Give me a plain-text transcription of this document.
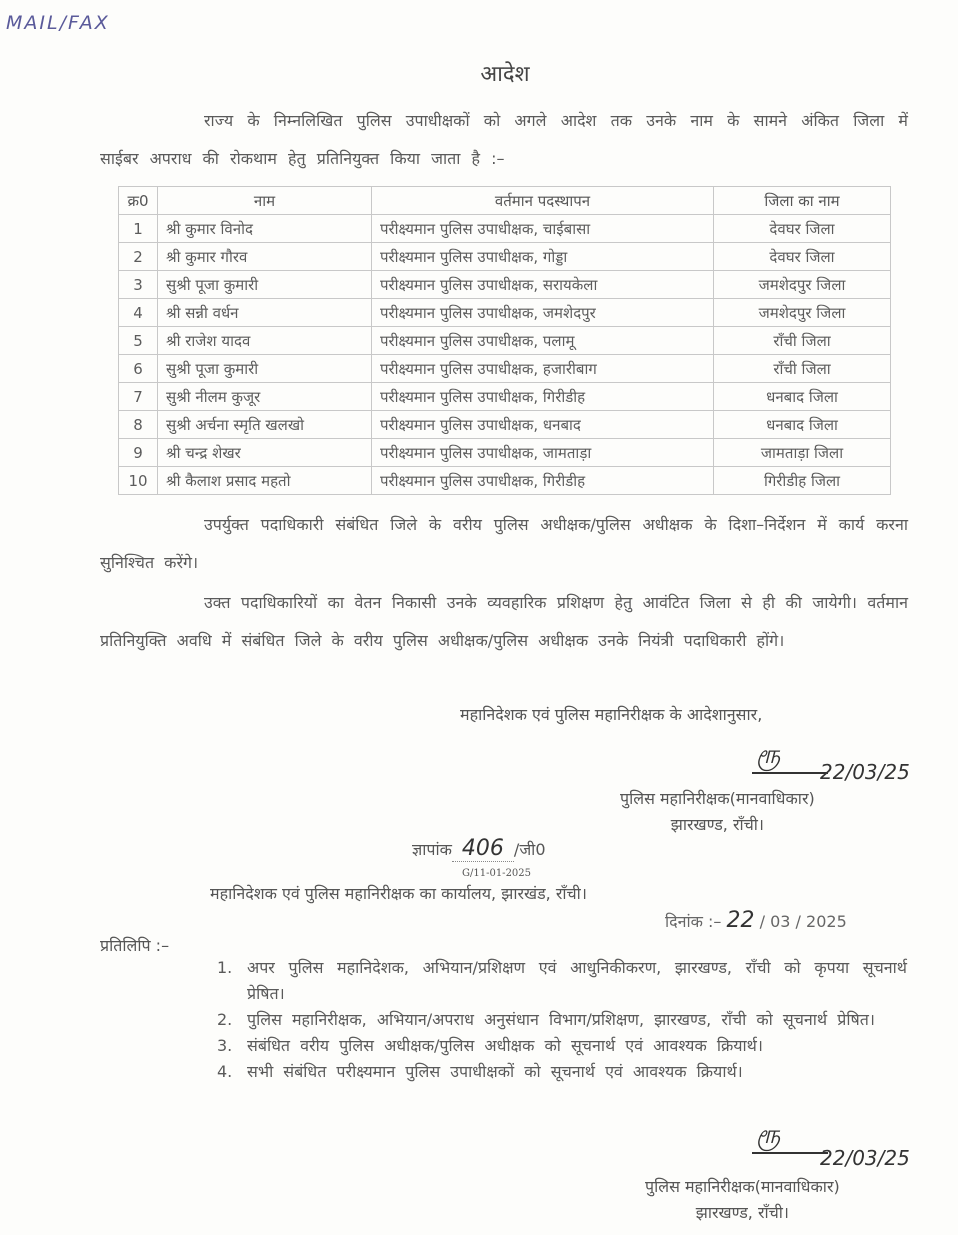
MAIL/FAX
आदेश
राज्य के निम्नलिखित पुलिस उपाधीक्षकों को अगले आदेश तक उनके नाम के सामने अंकित जिला में साईबर अपराध की रोकथाम हेतु प्रतिनियुक्त किया जाता है :–
क्र0	नाम	वर्तमान पदस्थापन	जिला का नाम
1	श्री कुमार विनोद	परीक्ष्यमान पुलिस उपाधीक्षक, चाईबासा	देवघर जिला
2	श्री कुमार गौरव	परीक्ष्यमान पुलिस उपाधीक्षक, गोड्डा	देवघर जिला
3	सुश्री पूजा कुमारी	परीक्ष्यमान पुलिस उपाधीक्षक, सरायकेला	जमशेदपुर जिला
4	श्री सन्नी वर्धन	परीक्ष्यमान पुलिस उपाधीक्षक, जमशेदपुर	जमशेदपुर जिला
5	श्री राजेश यादव	परीक्ष्यमान पुलिस उपाधीक्षक, पलामू	राँची जिला
6	सुश्री पूजा कुमारी	परीक्ष्यमान पुलिस उपाधीक्षक, हजारीबाग	राँची जिला
7	सुश्री नीलम कुजूर	परीक्ष्यमान पुलिस उपाधीक्षक, गिरीडीह	धनबाद जिला
8	सुश्री अर्चना स्मृति खलखो	परीक्ष्यमान पुलिस उपाधीक्षक, धनबाद	धनबाद जिला
9	श्री चन्द्र शेखर	परीक्ष्यमान पुलिस उपाधीक्षक, जामताड़ा	जामताड़ा जिला
10	श्री कैलाश प्रसाद महतो	परीक्ष्यमान पुलिस उपाधीक्षक, गिरीडीह	गिरीडीह जिला
उपर्युक्त पदाधिकारी संबंधित जिले के वरीय पुलिस अधीक्षक/पुलिस अधीक्षक के दिशा–निर्देशन में कार्य करना सुनिश्चित करेंगे।
उक्त पदाधिकारियों का वेतन निकासी उनके व्यवहारिक प्रशिक्षण हेतु आवंटित जिला से ही की जायेगी। वर्तमान प्रतिनियुक्ति अवधि में संबंधित जिले के वरीय पुलिस अधीक्षक/पुलिस अधीक्षक उनके नियंत्री पदाधिकारी होंगे।
महानिदेशक एवं पुलिस महानिरीक्षक के आदेशानुसार,
ரூ
22/03/25
पुलिस महानिरीक्षक(मानवाधिकार)
झारखण्ड, राँची।
ज्ञापांक 406 /जी0
G/11-01-2025
महानिदेशक एवं पुलिस महानिरीक्षक का कार्यालय, झारखंड, राँची।
दिनांक :– 22 / 03 / 2025
प्रतिलिपि :–
1. अपर पुलिस महानिदेशक, अभियान/प्रशिक्षण एवं आधुनिकीकरण, झारखण्ड, राँची को कृपया सूचनार्थ प्रेषित।
2. पुलिस महानिरीक्षक, अभियान/अपराध अनुसंधान विभाग/प्रशिक्षण, झारखण्ड, राँची को सूचनार्थ प्रेषित।
3. संबंधित वरीय पुलिस अधीक्षक/पुलिस अधीक्षक को सूचनार्थ एवं आवश्यक क्रियार्थ।
4. सभी संबंधित परीक्ष्यमान पुलिस उपाधीक्षकों को सूचनार्थ एवं आवश्यक क्रियार्थ।
ரூ
22/03/25
पुलिस महानिरीक्षक(मानवाधिकार)
झारखण्ड, राँची।
